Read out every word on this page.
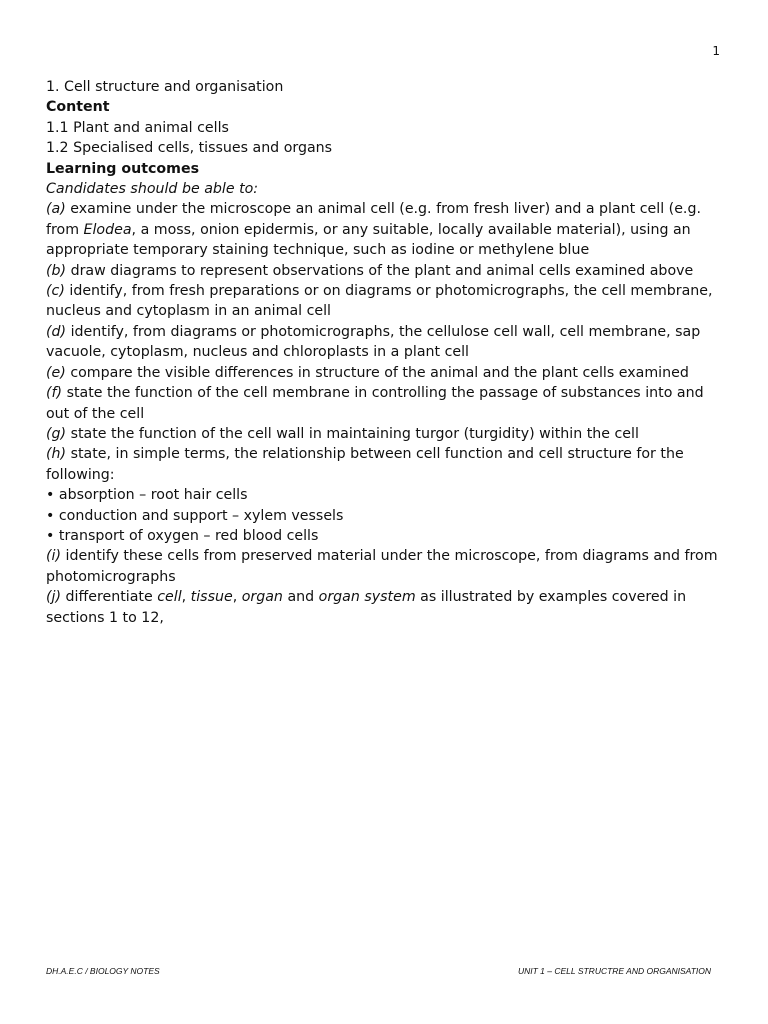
1

1. Cell structure and organisation

Content

1.1 Plant and animal cells

1.2 Specialised cells, tissues and organs

Learning outcomes

Candidates should be able to:

(a) examine under the microscope an animal cell (e.g. from fresh liver) and a plant cell (e.g. from Elodea, a moss, onion epidermis, or any suitable, locally available material), using an appropriate temporary staining technique, such as iodine or methylene blue

(b) draw diagrams to represent observations of the plant and animal cells examined above

(c) identify, from fresh preparations or on diagrams or photomicrographs, the cell membrane, nucleus and cytoplasm in an animal cell

(d) identify, from diagrams or photomicrographs, the cellulose cell wall, cell membrane, sap vacuole, cytoplasm, nucleus and chloroplasts in a plant cell

(e) compare the visible differences in structure of the animal and the plant cells examined

(f) state the function of the cell membrane in controlling the passage of substances into and out of the cell

(g) state the function of the cell wall in maintaining turgor (turgidity) within the cell

(h) state, in simple terms, the relationship between cell function and cell structure for the following:

• absorption – root hair cells

• conduction and support – xylem vessels

• transport of oxygen – red blood cells

(i) identify these cells from preserved material under the microscope, from diagrams and from photomicrographs

(j) differentiate cell, tissue, organ and organ system as illustrated by examples covered in sections 1 to 12,

DH.A.E.C / BIOLOGY NOTES	UNIT 1 – CELL STRUCTRE AND ORGANISATION
